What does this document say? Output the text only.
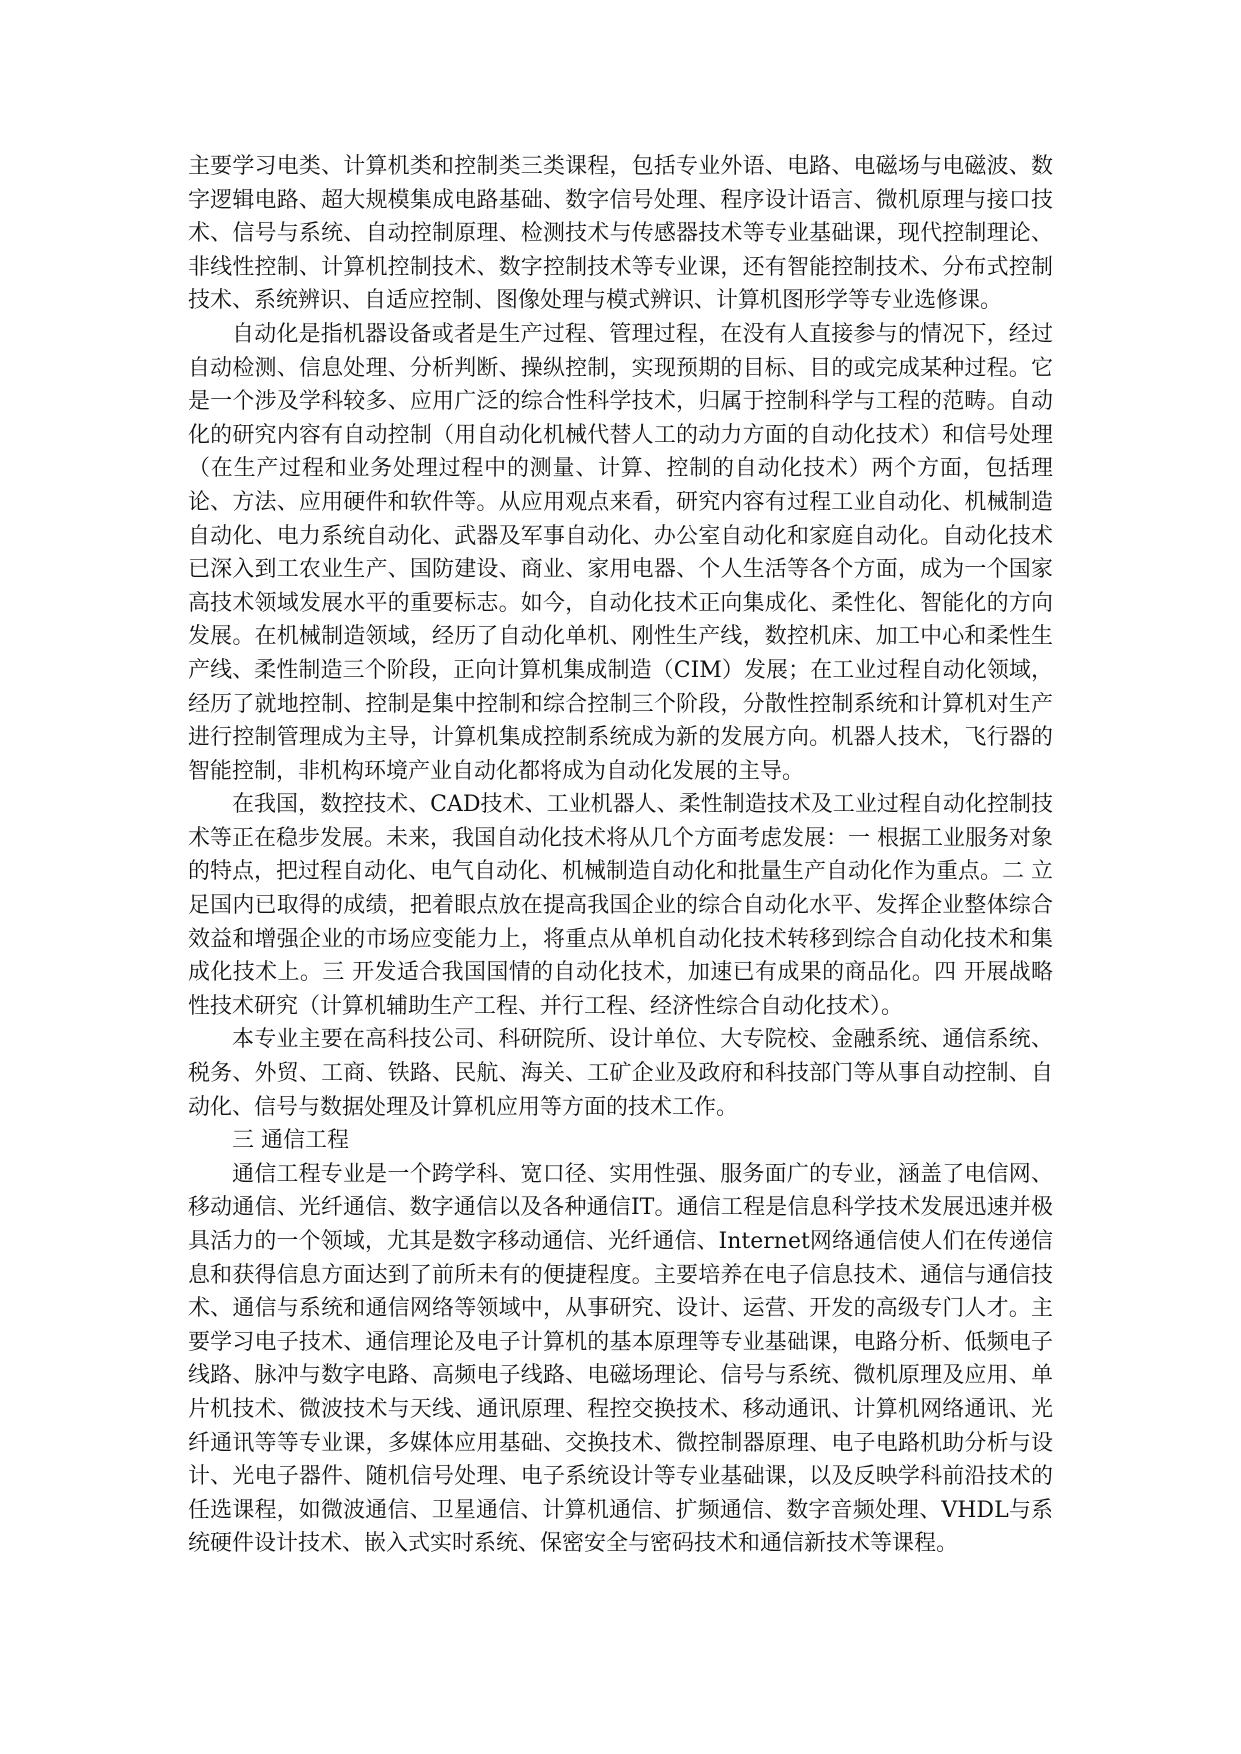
主要学习电类、计算机类和控制类三类课程，包括专业外语、电路、电磁场与电磁波、数字逻辑电路、超大规模集成电路基础、数字信号处理、程序设计语言、微机原理与接口技术、信号与系统、自动控制原理、检测技术与传感器技术等专业基础课，现代控制理论、非线性控制、计算机控制技术、数字控制技术等专业课，还有智能控制技术、分布式控制技术、系统辨识、自适应控制、图像处理与模式辨识、计算机图形学等专业选修课。

自动化是指机器设备或者是生产过程、管理过程，在没有人直接参与的情况下，经过自动检测、信息处理、分析判断、操纵控制，实现预期的目标、目的或完成某种过程。它是一个涉及学科较多、应用广泛的综合性科学技术，归属于控制科学与工程的范畴。自动化的研究内容有自动控制（用自动化机械代替人工的动力方面的自动化技术）和信号处理（在生产过程和业务处理过程中的测量、计算、控制的自动化技术）两个方面，包括理论、方法、应用硬件和软件等。从应用观点来看，研究内容有过程工业自动化、机械制造自动化、电力系统自动化、武器及军事自动化、办公室自动化和家庭自动化。自动化技术已深入到工农业生产、国防建设、商业、家用电器、个人生活等各个方面，成为一个国家高技术领域发展水平的重要标志。如今，自动化技术正向集成化、柔性化、智能化的方向发展。在机械制造领域，经历了自动化单机、刚性生产线，数控机床、加工中心和柔性生产线、柔性制造三个阶段，正向计算机集成制造（CIM）发展；在工业过程自动化领域，经历了就地控制、控制是集中控制和综合控制三个阶段，分散性控制系统和计算机对生产进行控制管理成为主导，计算机集成控制系统成为新的发展方向。机器人技术，飞行器的智能控制，非机构环境产业自动化都将成为自动化发展的主导。

在我国，数控技术、CAD技术、工业机器人、柔性制造技术及工业过程自动化控制技术等正在稳步发展。未来，我国自动化技术将从几个方面考虑发展：一 根据工业服务对象的特点，把过程自动化、电气自动化、机械制造自动化和批量生产自动化作为重点。二 立足国内已取得的成绩，把着眼点放在提高我国企业的综合自动化水平、发挥企业整体综合效益和增强企业的市场应变能力上，将重点从单机自动化技术转移到综合自动化技术和集成化技术上。三 开发适合我国国情的自动化技术，加速已有成果的商品化。四 开展战略性技术研究（计算机辅助生产工程、并行工程、经济性综合自动化技术）。

本专业主要在高科技公司、科研院所、设计单位、大专院校、金融系统、通信系统、税务、外贸、工商、铁路、民航、海关、工矿企业及政府和科技部门等从事自动控制、自动化、信号与数据处理及计算机应用等方面的技术工作。

三 通信工程

通信工程专业是一个跨学科、宽口径、实用性强、服务面广的专业，涵盖了电信网、移动通信、光纤通信、数字通信以及各种通信IT。通信工程是信息科学技术发展迅速并极具活力的一个领域，尤其是数字移动通信、光纤通信、Internet网络通信使人们在传递信息和获得信息方面达到了前所未有的便捷程度。主要培养在电子信息技术、通信与通信技术、通信与系统和通信网络等领域中，从事研究、设计、运营、开发的高级专门人才。主要学习电子技术、通信理论及电子计算机的基本原理等专业基础课，电路分析、低频电子线路、脉冲与数字电路、高频电子线路、电磁场理论、信号与系统、微机原理及应用、单片机技术、微波技术与天线、通讯原理、程控交换技术、移动通讯、计算机网络通讯、光纤通讯等等专业课，多媒体应用基础、交换技术、微控制器原理、电子电路机助分析与设计、光电子器件、随机信号处理、电子系统设计等专业基础课，以及反映学科前沿技术的任选课程，如微波通信、卫星通信、计算机通信、扩频通信、数字音频处理、VHDL与系统硬件设计技术、嵌入式实时系统、保密安全与密码技术和通信新技术等课程。
